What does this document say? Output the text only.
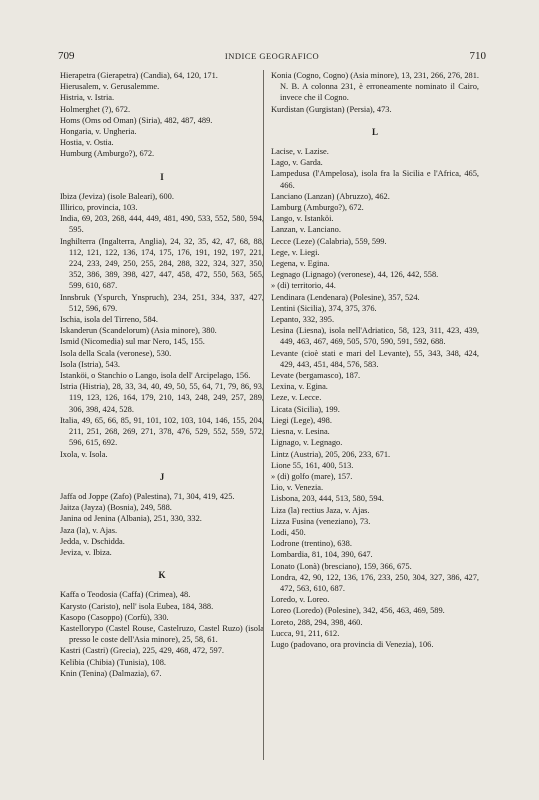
709	INDICE GEOGRAFICO	710
Hierapetra (Gierapetra) (Candia), 64, 120, 171.
Hierusalem, v. Gerusalemme.
Histria, v. Istria.
Holmerghet (?), 672.
Homs (Oms od Oman) (Siria), 482, 487, 489.
Hongaria, v. Ungheria.
Hostia, v. Ostia.
Humburg (Amburgo?), 672.
I
Ibiza (Jeviza) (isole Baleari), 600.
Illirico, provincia, 103.
India, 69, 203, 268, 444, 449, 481, 490, 533, 552, 580, 594, 595.
Inghilterra (Ingalterra, Anglia), 24, 32, 35, 42, 47, 68, 88, 112, 121, 122, 136, 174, 175, 176, 191, 192, 197, 221, 224, 233, 249, 250, 255, 284, 288, 322, 324, 327, 350, 352, 386, 389, 398, 427, 447, 458, 472, 550, 563, 565, 599, 610, 687.
Innsbruk (Yspurch, Ynspruch), 234, 251, 334, 337, 427, 512, 596, 679.
Ischia, isola del Tirreno, 584.
Iskanderun (Scandelorum) (Asia minore), 380.
Ismid (Nicomedia) sul mar Nero, 145, 155.
Isola della Scala (veronese), 530.
Isola (Istria), 543.
Istanköi, o Stanchio o Lango, isola dell' Arcipelago, 156.
Istria (Histria), 28, 33, 34, 40, 49, 50, 55, 64, 71, 79, 86, 93, 119, 123, 126, 164, 179, 210, 143, 248, 249, 257, 289, 306, 398, 424, 528.
Italia, 49, 65, 66, 85, 91, 101, 102, 103, 104, 146, 155, 204, 211, 251, 268, 269, 271, 378, 476, 529, 552, 559, 572, 596, 615, 692.
Ixola, v. Isola.
J
Jaffa od Joppe (Zafo) (Palestina), 71, 304, 419, 425.
Jaitza (Jayza) (Bosnia), 249, 588.
Janina od Jenina (Albania), 251, 330, 332.
Jaza (la), v. Ajas.
Jedda, v. Dschidda.
Jeviza, v. Ibiza.
K
Kaffa o Teodosia (Caffa) (Crimea), 48.
Karysto (Caristo), nell' isola Eubea, 184, 388.
Kasopo (Casoppo) (Corfù), 330.
Kastellorypo (Castel Rouse, Castelruzo, Castel Ruzo) (isola presso le coste dell'Asia minore), 25, 58, 61.
Kastri (Castri) (Grecia), 225, 429, 468, 472, 597.
Kelibia (Chibia) (Tunisia), 108.
Knin (Tenina) (Dalmazia), 67.
Konia (Cogno, Cogno) (Asia minore), 13, 231, 266, 276, 281. N. B. A colonna 231, è erroneamente nominato il Cairo, invece che il Cogno.
Kurdistan (Gurgistan) (Persia), 473.
L
Lacise, v. Lazise.
Lago, v. Garda.
Lampedusa (l'Ampelosa), isola fra la Sicilia e l'Africa, 465, 466.
Lanciano (Lanzan) (Abruzzo), 462.
Lamburg (Amburgo?), 672.
Lango, v. Istanköi.
Lanzan, v. Lanciano.
Lecce (Leze) (Calabria), 559, 599.
Lege, v. Liegi.
Legena, v. Egina.
Legnago (Lignago) (veronese), 44, 126, 442, 558.
» (di) territorio, 44.
Lendinara (Lendenara) (Polesine), 357, 524.
Lentini (Sicilia), 374, 375, 376.
Lepanto, 332, 395.
Lesina (Liesna), isola nell'Adriatico, 58, 123, 311, 423, 439, 449, 463, 467, 469, 505, 570, 590, 591, 592, 688.
Levante (cioè stati e mari del Levante), 55, 343, 348, 424, 429, 443, 451, 484, 576, 583.
Levate (bergamasco), 187.
Lexina, v. Egina.
Leze, v. Lecce.
Licata (Sicilia), 199.
Liegi (Lege), 498.
Liesna, v. Lesina.
Lignago, v. Legnago.
Lintz (Austria), 205, 206, 233, 671.
Lione 55, 161, 400, 513.
» (di) golfo (mare), 157.
Lio, v. Venezia.
Lisbona, 203, 444, 513, 580, 594.
Liza (la) rectius Jaza, v. Ajas.
Lizza Fusina (veneziano), 73.
Lodi, 450.
Lodrone (trentino), 638.
Lombardia, 81, 104, 390, 647.
Lonato (Lonà) (bresciano), 159, 366, 675.
Londra, 42, 90, 122, 136, 176, 233, 250, 304, 327, 386, 427, 472, 563, 610, 687.
Loredo, v. Loreo.
Loreo (Loredo) (Polesine), 342, 456, 463, 469, 589.
Loreto, 288, 294, 398, 460.
Lucca, 91, 211, 612.
Lugo (padovano, ora provincia di Venezia), 106.
